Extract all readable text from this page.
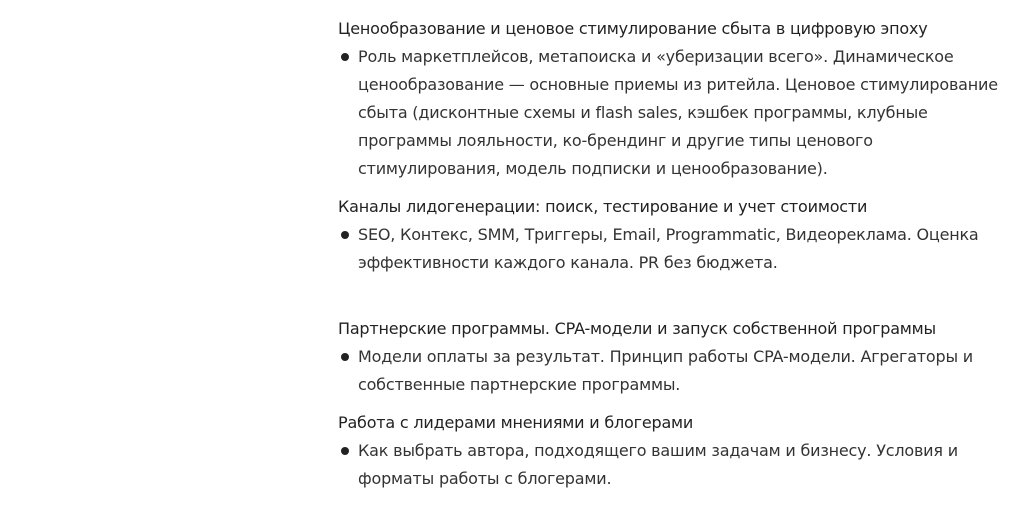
Ценообразование и ценовое стимулирование сбыта в цифровую эпоху
Роль маркетплейсов, метапоиска и «уберизации всего». Динамическое ценообразование — основные приемы из ритейла. Ценовое стимулирование сбыта (дисконтные схемы и flash sales, кэшбек программы, клубные программы лояльности, ко-брендинг и другие типы ценового стимулирования, модель подписки и ценообразование).
Каналы лидогенерации: поиск, тестирование и учет стоимости
SEO, Контекс, SMM, Триггеры, Email, Programmatic, Видеореклама. Оценка эффективности каждого канала. PR без бюджета.
Партнерские программы. CPA-модели и запуск собственной программы
Модели оплаты за результат. Принцип работы CPA-модели. Агрегаторы и собственные партнерские программы.
Работа с лидерами мнениями и блогерами
Как выбрать автора, подходящего вашим задачам и бизнесу. Условия и форматы работы с блогерами.
